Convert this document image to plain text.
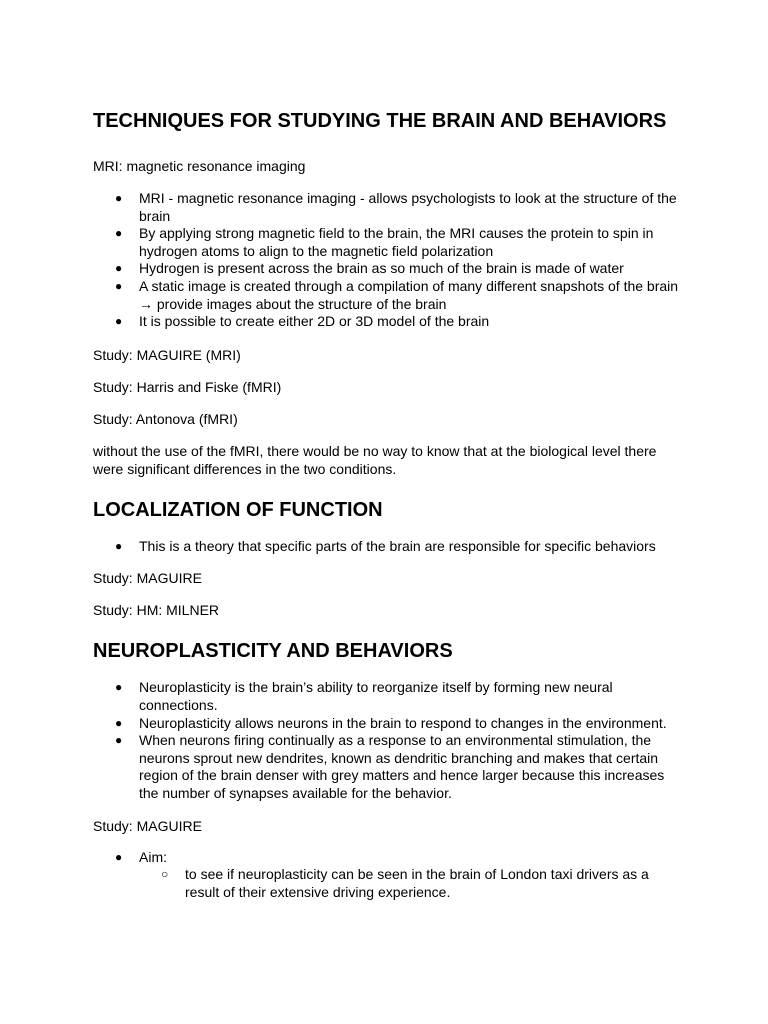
TECHNIQUES FOR STUDYING THE BRAIN AND BEHAVIORS

MRI: magnetic resonance imaging

● MRI - magnetic resonance imaging - allows psychologists to look at the structure of the brain
● By applying strong magnetic field to the brain, the MRI causes the protein to spin in hydrogen atoms to align to the magnetic field polarization
● Hydrogen is present across the brain as so much of the brain is made of water
● A static image is created through a compilation of many different snapshots of the brain → provide images about the structure of the brain
● It is possible to create either 2D or 3D model of the brain

Study: MAGUIRE (MRI)

Study: Harris and Fiske (fMRI)

Study: Antonova (fMRI)

without the use of the fMRI, there would be no way to know that at the biological level there were significant differences in the two conditions.

LOCALIZATION OF FUNCTION
● This is a theory that specific parts of the brain are responsible for specific behaviors

Study: MAGUIRE

Study: HM: MILNER

NEUROPLASTICITY AND BEHAVIORS
● Neuroplasticity is the brain’s ability to reorganize itself by forming new neural connections.
● Neuroplasticity allows neurons in the brain to respond to changes in the environment.
● When neurons firing continually as a response to an environmental stimulation, the neurons sprout new dendrites, known as dendritic branching and makes that certain region of the brain denser with grey matters and hence larger because this increases the number of synapses available for the behavior.

Study: MAGUIRE

● Aim:
○ to see if neuroplasticity can be seen in the brain of London taxi drivers as a result of their extensive driving experience.
